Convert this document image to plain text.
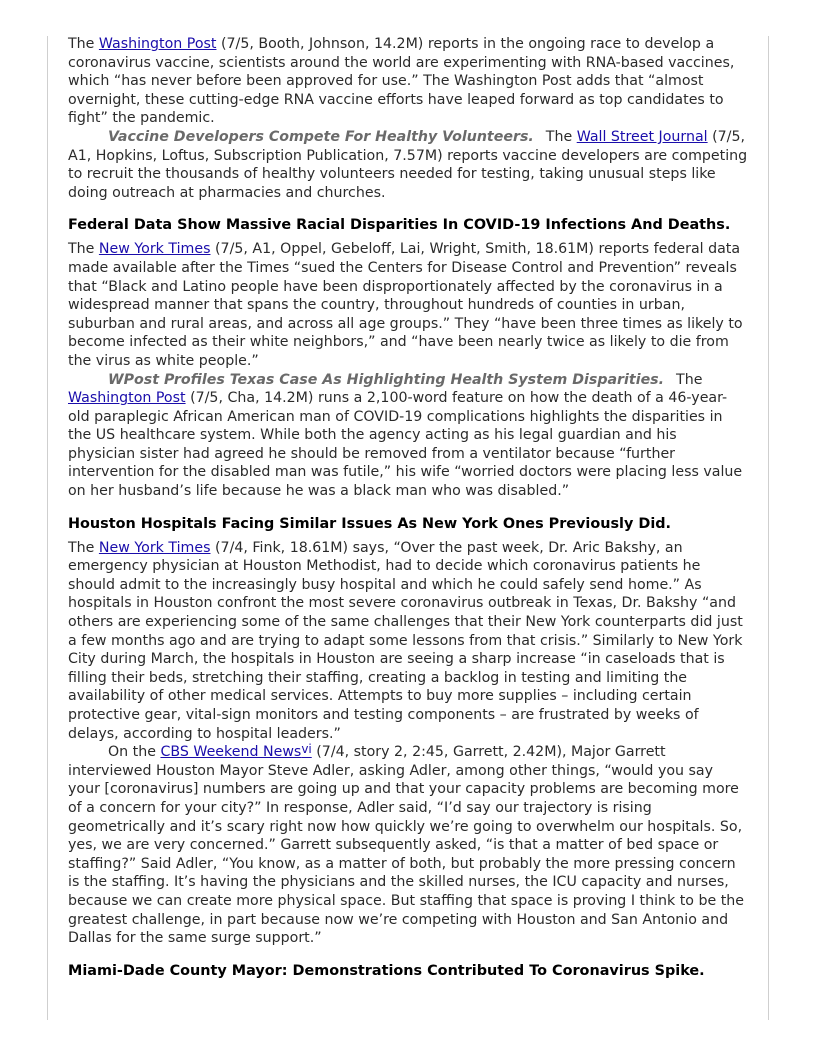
The Washington Post (7/5, Booth, Johnson, 14.2M) reports in the ongoing race to develop a coronavirus vaccine, scientists around the world are experimenting with RNA-based vaccines, which “has never before been approved for use.” The Washington Post adds that “almost overnight, these cutting-edge RNA vaccine efforts have leaped forward as top candidates to fight” the pandemic.

Vaccine Developers Compete For Healthy Volunteers. The Wall Street Journal (7/5, A1, Hopkins, Loftus, Subscription Publication, 7.57M) reports vaccine developers are competing to recruit the thousands of healthy volunteers needed for testing, taking unusual steps like doing outreach at pharmacies and churches.

Federal Data Show Massive Racial Disparities In COVID-19 Infections And Deaths.

The New York Times (7/5, A1, Oppel, Gebeloff, Lai, Wright, Smith, 18.61M) reports federal data made available after the Times “sued the Centers for Disease Control and Prevention” reveals that “Black and Latino people have been disproportionately affected by the coronavirus in a widespread manner that spans the country, throughout hundreds of counties in urban, suburban and rural areas, and across all age groups.” They “have been three times as likely to become infected as their white neighbors,” and “have been nearly twice as likely to die from the virus as white people.”

WPost Profiles Texas Case As Highlighting Health System Disparities. The Washington Post (7/5, Cha, 14.2M) runs a 2,100-word feature on how the death of a 46-year-old paraplegic African American man of COVID-19 complications highlights the disparities in the US healthcare system. While both the agency acting as his legal guardian and his physician sister had agreed he should be removed from a ventilator because “further intervention for the disabled man was futile,” his wife “worried doctors were placing less value on her husband’s life because he was a black man who was disabled.”

Houston Hospitals Facing Similar Issues As New York Ones Previously Did.

The New York Times (7/4, Fink, 18.61M) says, “Over the past week, Dr. Aric Bakshy, an emergency physician at Houston Methodist, had to decide which coronavirus patients he should admit to the increasingly busy hospital and which he could safely send home.” As hospitals in Houston confront the most severe coronavirus outbreak in Texas, Dr. Bakshy “and others are experiencing some of the same challenges that their New York counterparts did just a few months ago and are trying to adapt some lessons from that crisis.” Similarly to New York City during March, the hospitals in Houston are seeing a sharp increase “in caseloads that is filling their beds, stretching their staffing, creating a backlog in testing and limiting the availability of other medical services. Attempts to buy more supplies – including certain protective gear, vital-sign monitors and testing components – are frustrated by weeks of delays, according to hospital leaders.”

On the CBS Weekend News$^{vi}$ (7/4, story 2, 2:45, Garrett, 2.42M), Major Garrett interviewed Houston Mayor Steve Adler, asking Adler, among other things, “would you say your [coronavirus] numbers are going up and that your capacity problems are becoming more of a concern for your city?” In response, Adler said, “I’d say our trajectory is rising geometrically and it’s scary right now how quickly we’re going to overwhelm our hospitals. So, yes, we are very concerned.” Garrett subsequently asked, “is that a matter of bed space or staffing?” Said Adler, “You know, as a matter of both, but probably the more pressing concern is the staffing. It’s having the physicians and the skilled nurses, the ICU capacity and nurses, because we can create more physical space. But staffing that space is proving I think to be the greatest challenge, in part because now we’re competing with Houston and San Antonio and Dallas for the same surge support.”

Miami-Dade County Mayor: Demonstrations Contributed To Coronavirus Spike.
